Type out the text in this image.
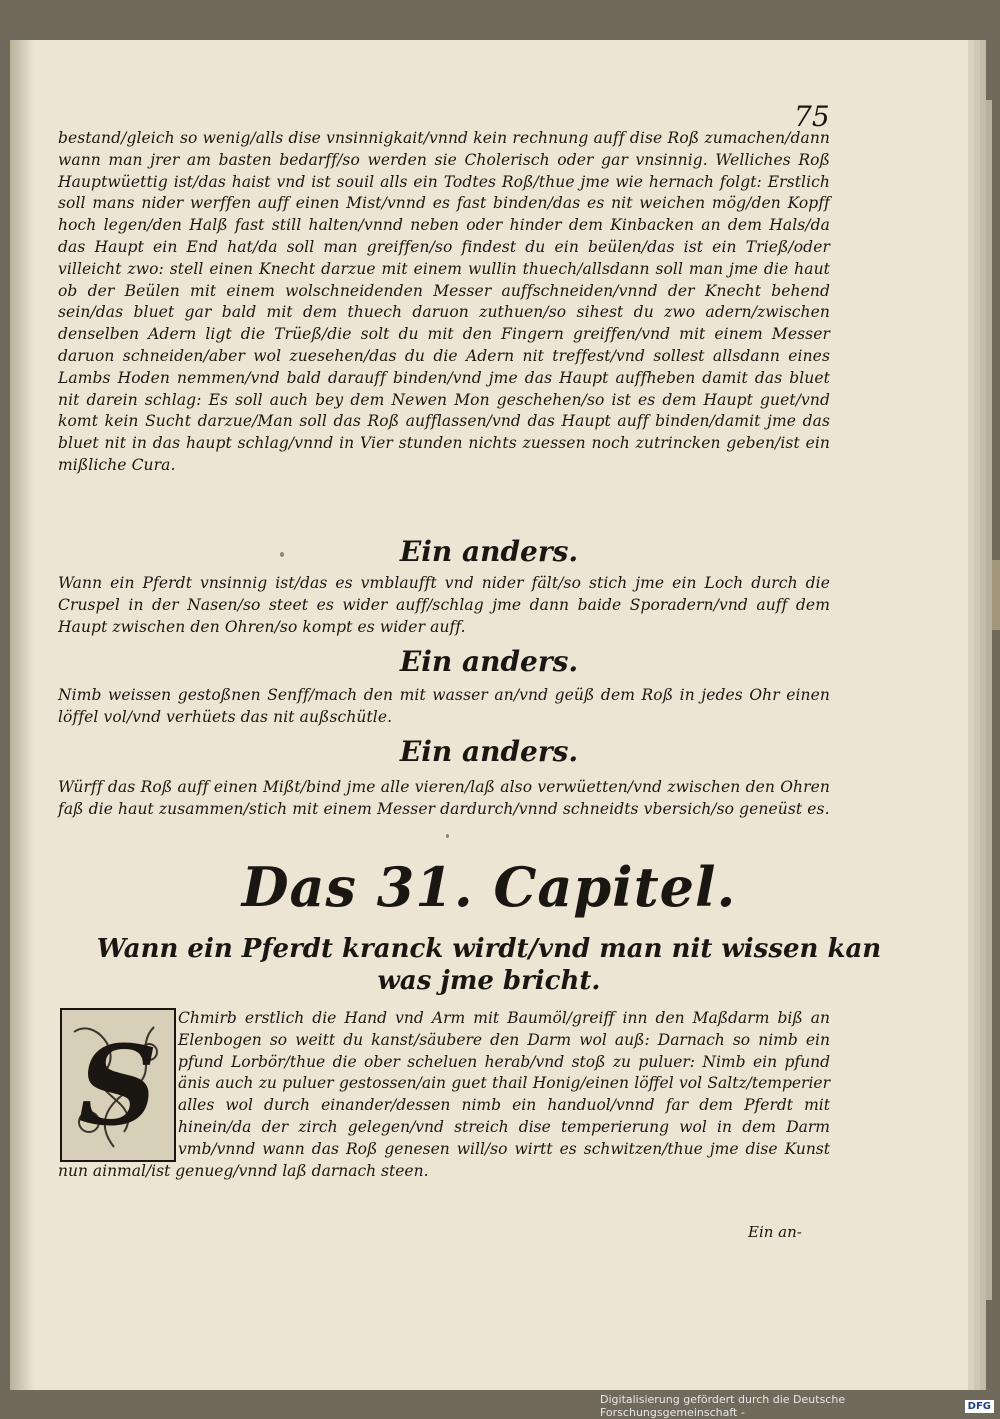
75
bestand/gleich so wenig/alls dise vnsinnigkait/vnnd kein rechnung auff dise Roß zumachen/dann wann man jrer am basten bedarff/so werden sie Cholerisch oder gar vnsinnig. Welliches Roß Hauptwüettig ist/das haist vnd ist souil alls ein Todtes Roß/thue jme wie hernach folgt: Erstlich soll mans nider werffen auff einen Mist/vnnd es fast binden/das es nit weichen mög/den Kopff hoch legen/den Halß fast still halten/vnnd neben oder hinder dem Kinbacken an dem Hals/da das Haupt ein End hat/da soll man greiffen/so findest du ein beülen/das ist ein Trieß/oder villeicht zwo: stell einen Knecht darzue mit einem wullin thuech/allsdann soll man jme die haut ob der Beülen mit einem wolschneidenden Messer auffschneiden/vnnd der Knecht behend sein/das bluet gar bald mit dem thuech daruon zuthuen/so sihest du zwo adern/zwischen denselben Adern ligt die Trüeß/die solt du mit den Fingern greiffen/vnd mit einem Messer daruon schneiden/aber wol zuesehen/das du die Adern nit treffest/vnd sollest allsdann eines Lambs Hoden nemmen/vnd bald darauff binden/vnd jme das Haupt auffheben damit das bluet nit darein schlag: Es soll auch bey dem Newen Mon geschehen/so ist es dem Haupt guet/vnd komt kein Sucht darzue/Man soll das Roß aufflassen/vnd das Haupt auff binden/damit jme das bluet nit in das haupt schlag/vnnd in Vier stunden nichts zuessen noch zutrincken geben/ist ein mißliche Cura.
Ein anders.
Wann ein Pferdt vnsinnig ist/das es vmblaufft vnd nider fält/so stich jme ein Loch durch die Cruspel in der Nasen/so steet es wider auff/schlag jme dann baide Sporadern/vnd auff dem Haupt zwischen den Ohren/so kompt es wider auff.
Ein anders.
Nimb weissen gestoßnen Senff/mach den mit wasser an/vnd geüß dem Roß in jedes Ohr einen löffel vol/vnd verhüets das nit außschütle.
Ein anders.
Würff das Roß auff einen Mißt/bind jme alle vieren/laß also verwüetten/vnd zwischen den Ohren faß die haut zusammen/stich mit einem Messer dardurch/vnnd schneidts vbersich/so geneüst es.
Das 31. Capitel.
Wann ein Pferdt kranck wirdt/vnd man nit wissen kan was jme bricht.
Chmirb erstlich die Hand vnd Arm mit Baumöl/greiff inn den Maßdarm biß an Elenbogen so weitt du kanst/säubere den Darm wol auß: Darnach so nimb ein pfund Lorbör/thue die ober scheluen herab/vnd stoß zu puluer: Nimb ein pfund änis auch zu puluer gestossen/ain guet thail Honig/einen löffel vol Saltz/temperier alles wol durch einander/dessen nimb ein handuol/vnnd far dem Pferdt mit hinein/da der zirch gelegen/vnd streich dise temperierung wol in dem Darm vmb/vnnd wann das Roß genesen will/so wirtt es schwitzen/thue jme dise Kunst nun ainmal/ist genueg/vnnd laß darnach steen.
S
Ein an-
Digitalisierung gefördert durch die Deutsche Forschungsgemeinschaft -	DFG
